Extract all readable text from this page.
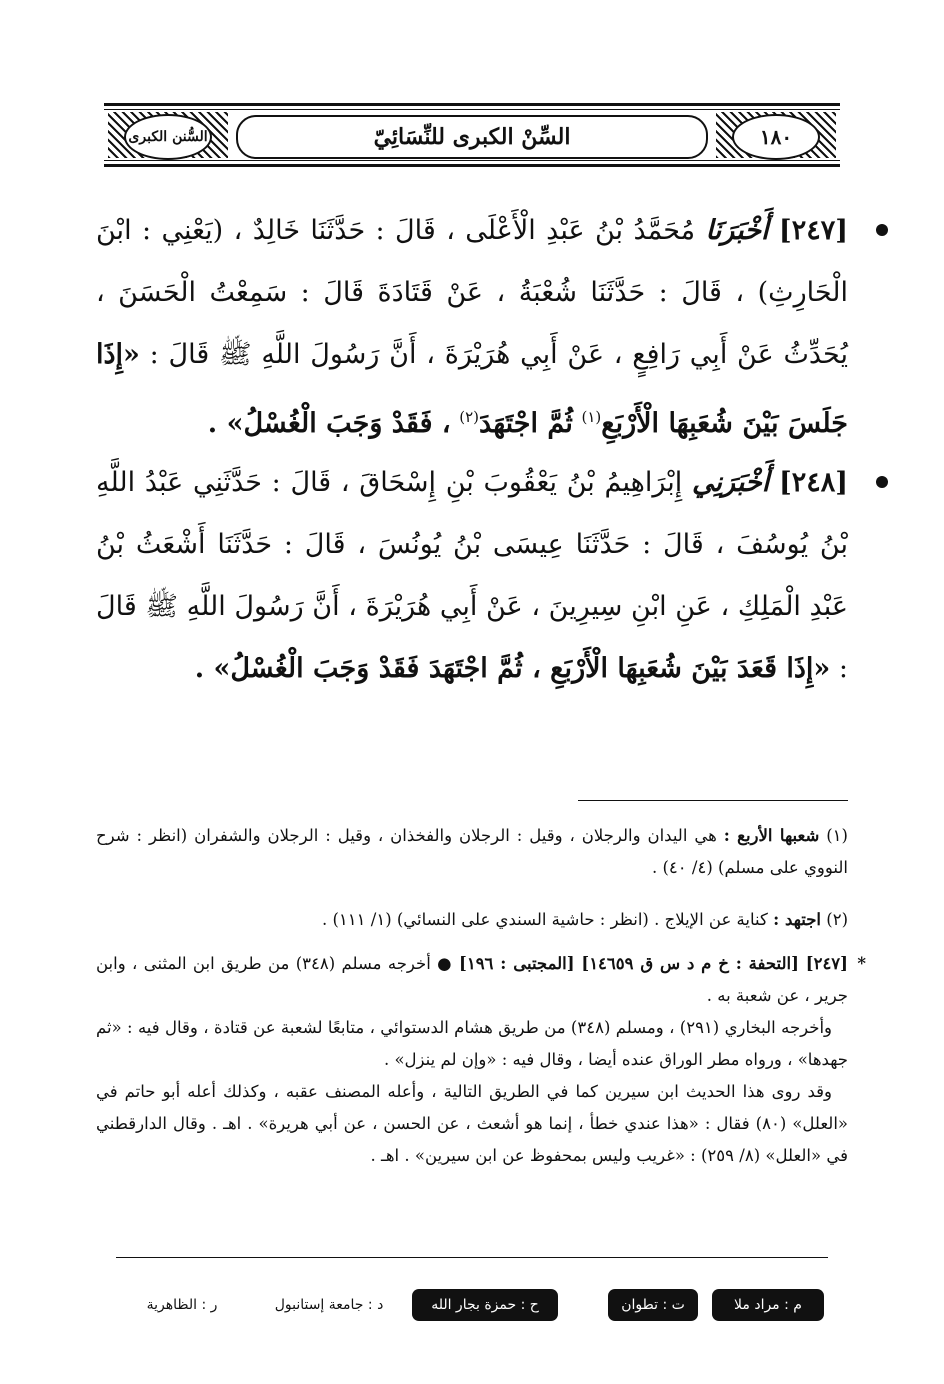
١٨٠
السِّنْ الكبرى للنِّسَائِيّ
السُّنن الكبرى
[٢٤٧] أَخْبَرَنَا مُحَمَّدُ بْنُ عَبْدِ الْأَعْلَى ، قَالَ : حَدَّثَنَا خَالِدٌ ، (يَعْنِي : ابْنَ الْحَارِثِ) ، قَالَ : حَدَّثَنَا شُعْبَةُ ، عَنْ قَتَادَةَ قَالَ : سَمِعْتُ الْحَسَنَ ، يُحَدِّثُ عَنْ أَبِي رَافِعٍ ، عَنْ أَبِي هُرَيْرَةَ ، أَنَّ رَسُولَ اللَّهِ ﷺ قَالَ : «إِذَا جَلَسَ بَيْنَ شُعَبِهَا الْأَرْبَعِ$^{(١)}$ ثُمَّ اجْتَهَدَ$^{(٢)}$ ، فَقَدْ وَجَبَ الْغُسْلُ» .
[٢٤٨] أَخْبَرَنِي إِبْرَاهِيمُ بْنُ يَعْقُوبَ بْنِ إِسْحَاقَ ، قَالَ : حَدَّثَنِي عَبْدُ اللَّهِ بْنُ يُوسُفَ ، قَالَ : حَدَّثَنَا عِيسَى بْنُ يُونُسَ ، قَالَ : حَدَّثَنَا أَشْعَثُ بْنُ عَبْدِ الْمَلِكِ ، عَنِ ابْنِ سِيرِينَ ، عَنْ أَبِي هُرَيْرَةَ ، أَنَّ رَسُولَ اللَّهِ ﷺ قَالَ : «إِذَا قَعَدَ بَيْنَ شُعَبِهَا الْأَرْبَعِ ، ثُمَّ اجْتَهَدَ فَقَدْ وَجَبَ الْغُسْلُ» .
(١) شعبها الأربع : هي اليدان والرجلان ، وقيل : الرجلان والفخذان ، وقيل : الرجلان والشفران (انظر : شرح النووي على مسلم) (٤/ ٤٠) .
(٢) اجتهد : كناية عن الإيلاج . (انظر : حاشية السندي على النسائي) (١/ ١١١) .
*
[٢٤٧] [التحفة : خ م د س ق ١٤٦٥٩] [المجتبى : ١٩٦] ● أخرجه مسلم (٣٤٨) من طريق ابن المثنى ، وابن جرير ، عن شعبة به .
وأخرجه البخاري (٢٩١) ، ومسلم (٣٤٨) من طريق هشام الدستوائي ، متابعًا لشعبة عن قتادة ، وقال فيه : «ثم جهدها» ، ورواه مطر الوراق عنده أيضا ، وقال فيه : «وإن لم ينزل» .
وقد روى هذا الحديث ابن سيرين كما في الطريق التالية ، وأعله المصنف عقبه ، وكذلك أعله أبو حاتم في «العلل» (٨٠) فقال : «هذا عندي خطأ ، إنما هو أشعث ، عن الحسن ، عن أبي هريرة» . اهـ . وقال الدارقطني في «العلل» (٨/ ٢٥٩) : «غريب وليس بمحفوظ عن ابن سيرين» . اهـ .
م : مراد ملا
ت : تطوان
ح : حمزة بجار الله
د : جامعة إستانبول
ر : الظاهرية
